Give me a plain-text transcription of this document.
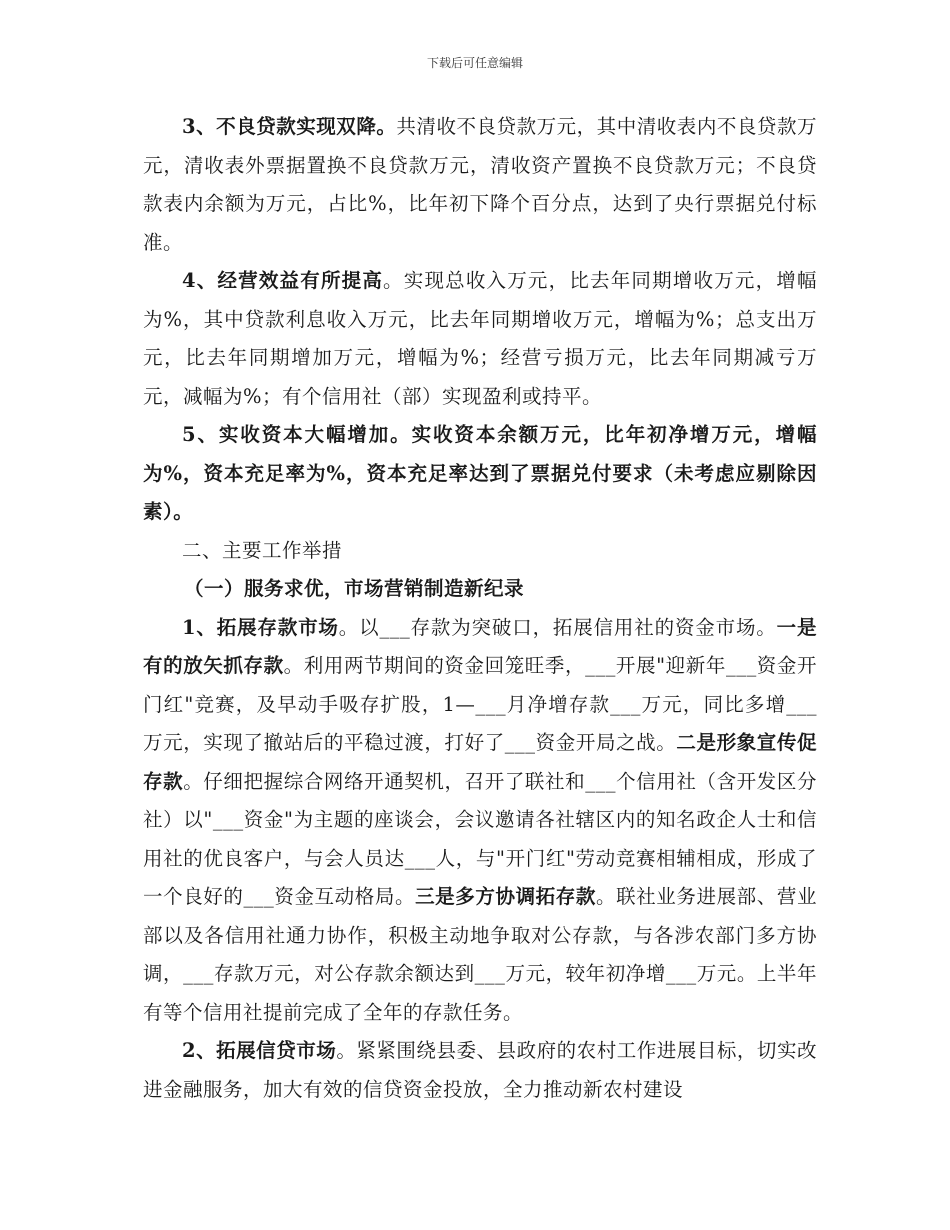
下载后可任意编辑

3、不良贷款实现双降。共清收不良贷款万元，其中清收表内不良贷款万元，清收表外票据置换不良贷款万元，清收资产置换不良贷款万元；不良贷款表内余额为万元，占比%，比年初下降个百分点，达到了央行票据兑付标准。

4、经营效益有所提高。实现总收入万元，比去年同期增收万元，增幅为%，其中贷款利息收入万元，比去年同期增收万元，增幅为%；总支出万元，比去年同期增加万元，增幅为%；经营亏损万元，比去年同期减亏万元，减幅为%；有个信用社（部）实现盈利或持平。

5、实收资本大幅增加。实收资本余额万元，比年初净增万元，增幅为%，资本充足率为%，资本充足率达到了票据兑付要求（未考虑应剔除因素）。

二、主要工作举措

（一）服务求优，市场营销制造新纪录

1、拓展存款市场。以___存款为突破口，拓展信用社的资金市场。一是有的放矢抓存款。利用两节期间的资金回笼旺季，___开展"迎新年___资金开门红"竞赛，及早动手吸存扩股，1—___月净增存款___万元，同比多增___万元，实现了撤站后的平稳过渡，打好了___资金开局之战。二是形象宣传促存款。仔细把握综合网络开通契机，召开了联社和___个信用社（含开发区分社）以"___资金"为主题的座谈会，会议邀请各社辖区内的知名政企人士和信用社的优良客户，与会人员达___人，与"开门红"劳动竞赛相辅相成，形成了一个良好的___资金互动格局。三是多方协调拓存款。联社业务进展部、营业部以及各信用社通力协作，积极主动地争取对公存款，与各涉农部门多方协调，___存款万元，对公存款余额达到___万元，较年初净增___万元。上半年有等个信用社提前完成了全年的存款任务。

2、拓展信贷市场。紧紧围绕县委、县政府的农村工作进展目标，切实改进金融服务，加大有效的信贷资金投放，全力推动新农村建设
